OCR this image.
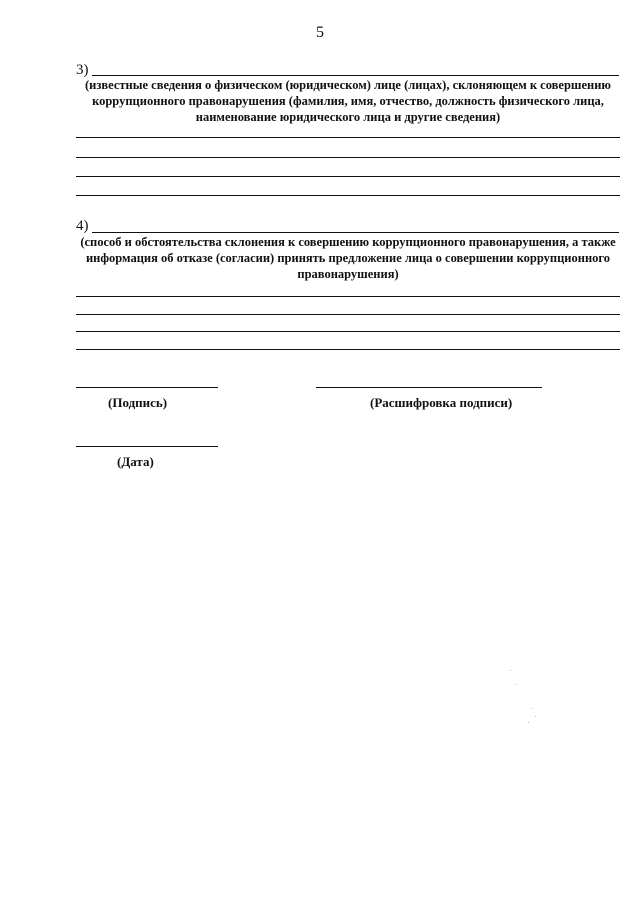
5
3)
(известные сведения о физическом (юридическом) лице (лицах), склоняющем к совершению
коррупционного правонарушения (фамилия, имя, отчество, должность физического лица,
наименование юридического лица и другие сведения)
4)
(способ и обстоятельства склонения к совершению коррупционного правонарушения, а также
информация об отказе (согласии) принять предложение лица о совершении коррупционного
правонарушения)
(Подпись)	(Расшифровка подписи)
(Дата)
